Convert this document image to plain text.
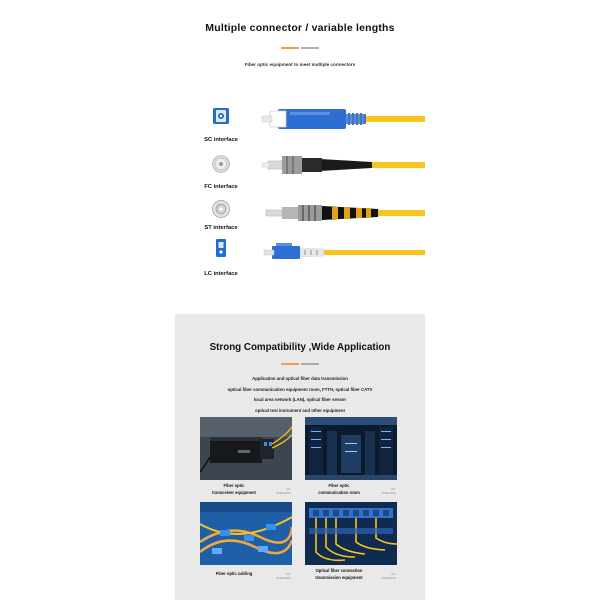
Multiple connector / variable lengths
Fiber optic equipment to meet multiple connectors
SC interface
FC interface
ST interface
LC interface
Strong Compatibility ,Wide Application
Application and optical fiber data transmission
optical fiber communication equipment room, FTTH, optical fiber CATV
local area network (LAN), optical fiber sensor
optical test instrument and other equipment
Fiber optic
transceiver equipment
01 /
SCENARIO
Fiber optic
communication room
02 /
SCENARIO
Fiber optic cabling	03 /
SCENARIO
Optical fiber connection
transmission equipment
04 /
SCENARIO
